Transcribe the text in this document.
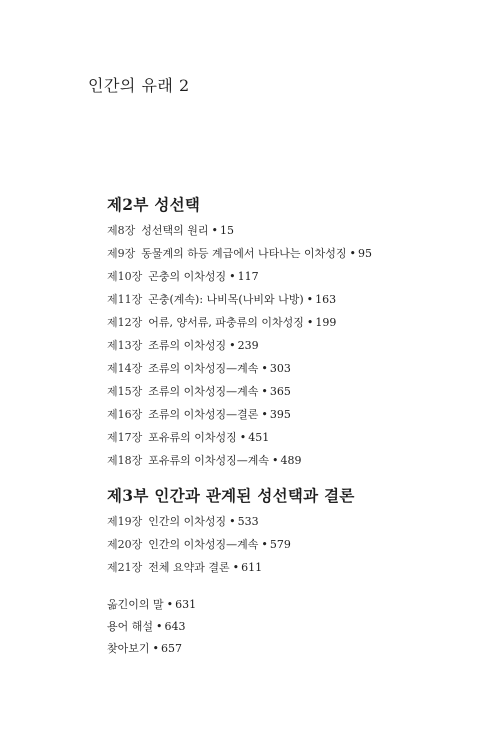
인간의 유래 2
제2부 성선택
제8장 성선택의 원리 • 15
제9장 동물계의 하등 계급에서 나타나는 이차성징 • 95
제10장 곤충의 이차성징 • 117
제11장 곤충(계속): 나비목(나비와 나방) • 163
제12장 어류, 양서류, 파충류의 이차성징 • 199
제13장 조류의 이차성징 • 239
제14장 조류의 이차성징—계속 • 303
제15장 조류의 이차성징—계속 • 365
제16장 조류의 이차성징—결론 • 395
제17장 포유류의 이차성징 • 451
제18장 포유류의 이차성징—계속 • 489
제3부 인간과 관계된 성선택과 결론
제19장 인간의 이차성징 • 533
제20장 인간의 이차성징—계속 • 579
제21장 전체 요약과 결론 • 611
옮긴이의 말 • 631
용어 해설 • 643
찾아보기 • 657
